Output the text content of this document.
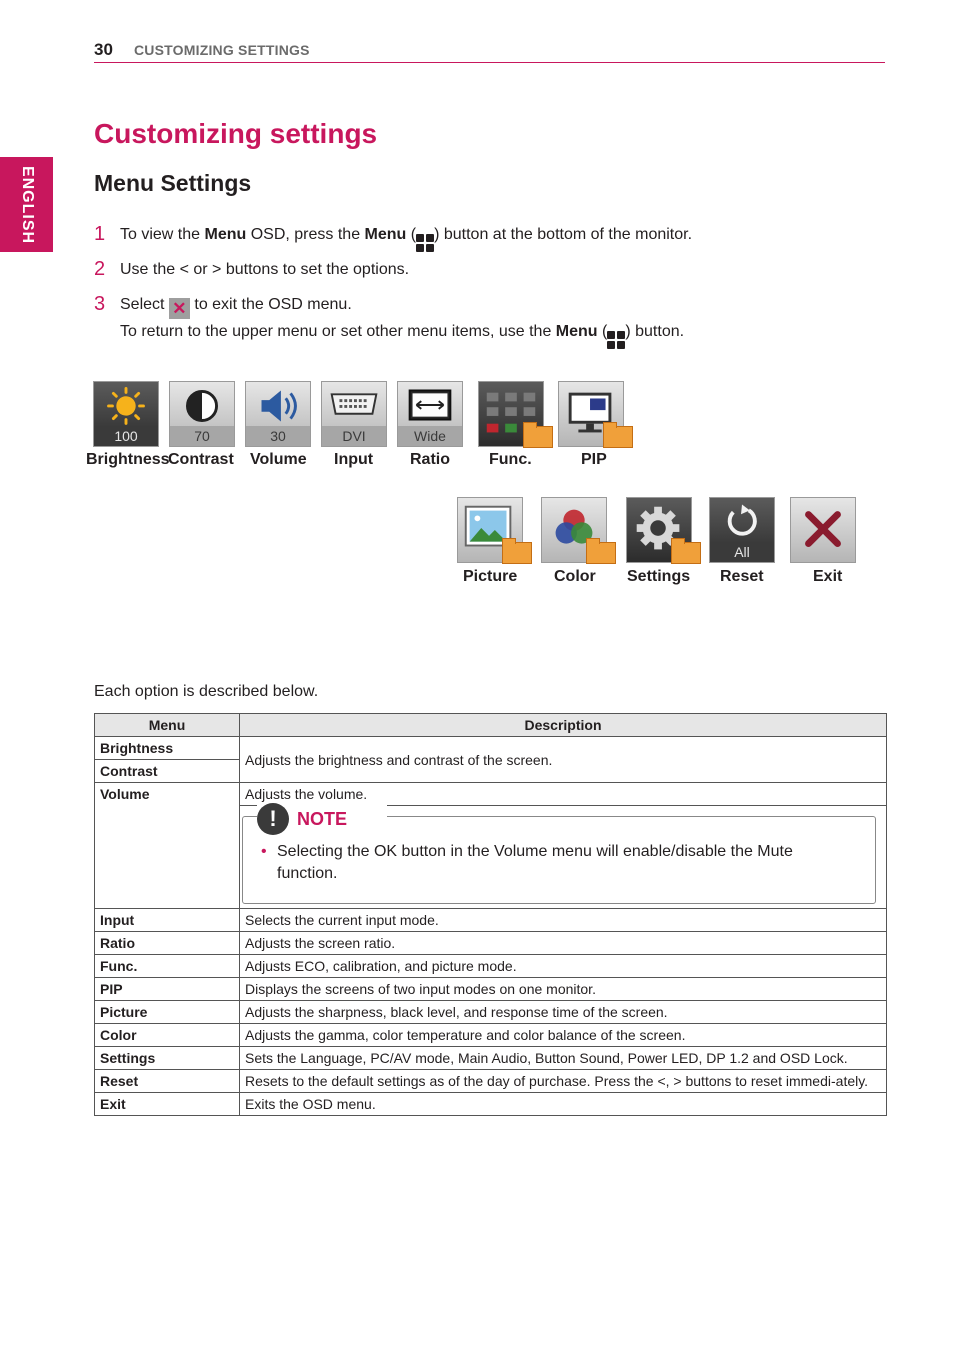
30 CUSTOMIZING SETTINGS
ENGLISH
Customizing settings
Menu Settings
1 To view the Menu OSD, press the Menu ( ) button at the bottom of the monitor.
2 Use the < or > buttons to set the options.
3 Select ✕ to exit the OSD menu.
To return to the upper menu or set other menu items, use the Menu ( ) button.
100	70	30	DVI	Wide
Brightness
Contrast Volume Input Ratio Func.	PIP
All
Picture Color Settings Reset	Exit
Each option is described below.
Menu	Description
Brightness	Adjusts the brightness and contrast of the screen.
Contrast	
Volume	Adjusts the volume.

	! NOTE
• Selecting the OK button in the Volume menu will enable/disable the Mute function.

Input	Selects the current input mode.
Ratio	Adjusts the screen ratio.
Func.	Adjusts ECO, calibration, and picture mode.
PIP	Displays the screens of two input modes on one monitor.
Picture	Adjusts the sharpness, black level, and response time of the screen.
Color	Adjusts the gamma, color temperature and color balance of the screen.
Settings	Sets the Language, PC/AV mode, Main Audio, Button Sound, Power LED, DP 1.2 and OSD Lock.
Reset	Resets to the default settings as of the day of purchase. Press the <, > buttons to reset immedi-ately.
Exit	Exits the OSD menu.
